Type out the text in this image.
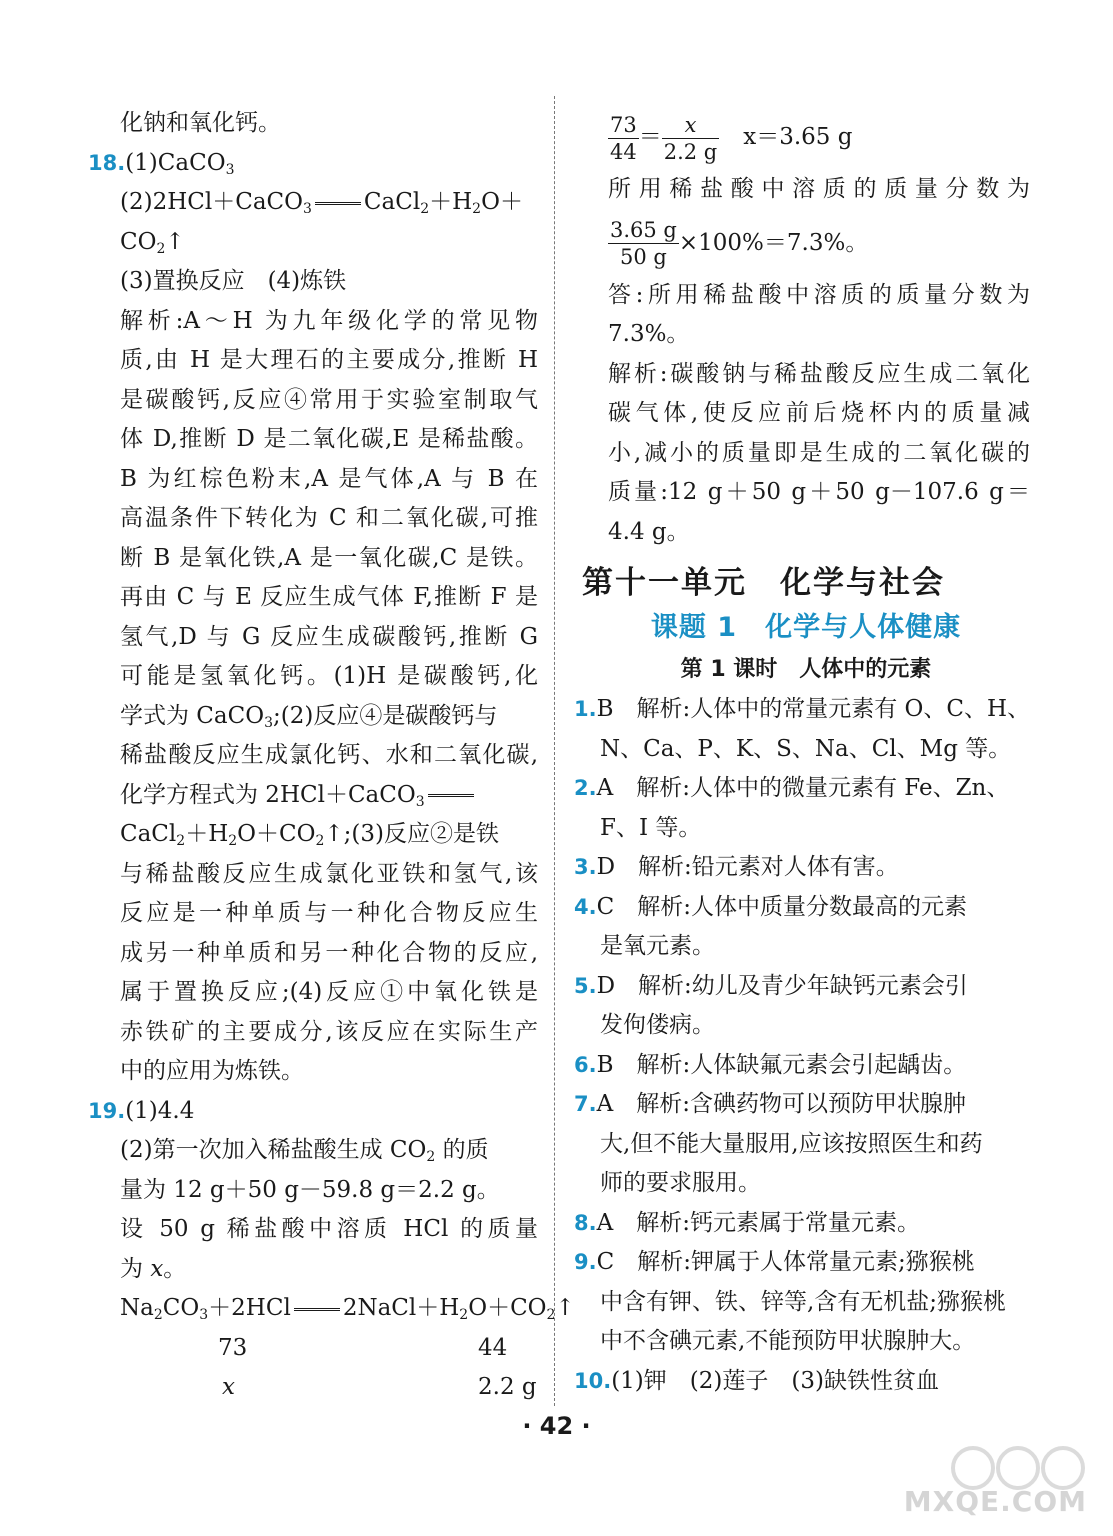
化钠和氧化钙。
18.(1)CaCO3
(2)2HCl＋CaCO3 CaCl2＋H2O＋
CO2↑
(3)置换反应　(4)炼铁
解析:A～H 为九年级化学的常见物
质,由 H 是大理石的主要成分,推断 H
是碳酸钙,反应④常用于实验室制取气
体 D,推断 D 是二氧化碳,E 是稀盐酸。
B 为红棕色粉末,A 是气体,A 与 B 在
高温条件下转化为 C 和二氧化碳,可推
断 B 是氧化铁,A 是一氧化碳,C 是铁。
再由 C 与 E 反应生成气体 F,推断 F 是
氢气,D 与 G 反应生成碳酸钙,推断 G
可能是氢氧化钙。(1)H 是碳酸钙,化
学式为 CaCO3;(2)反应④是碳酸钙与
稀盐酸反应生成氯化钙、水和二氧化碳,
化学方程式为 2HCl＋CaCO3
CaCl2＋H2O＋CO2↑;(3)反应②是铁
与稀盐酸反应生成氯化亚铁和氢气,该
反应是一种单质与一种化合物反应生
成另一种单质和另一种化合物的反应,
属于置换反应;(4)反应①中氧化铁是
赤铁矿的主要成分,该反应在实际生产
中的应用为炼铁。
19.(1)4.4
(2)第一次加入稀盐酸生成 CO2 的质
量为 12 g＋50 g－59.8 g＝2.2 g。
设 50 g 稀盐酸中溶质 HCl 的质量
为 x。
Na2CO3＋2HCl 2NaCl＋H2O＋CO2↑
73	44
x	2.2 g
$\frac{73}{44} = \frac{x}{2.2 g} x=3.65$ g
所用稀盐酸中溶质的质量分数为
$\frac{3.65 g}{50 g} \times 100\%=7.3\%$。
答:所用稀盐酸中溶质的质量分数为
7.3%。
解析:碳酸钠与稀盐酸反应生成二氧化
碳气体,使反应前后烧杯内的质量减
小,减小的质量即是生成的二氧化碳的
质量:12 g＋50 g＋50 g－107.6 g＝
4.4 g。
第十一单元　化学与社会
课题 1　化学与人体健康
第 1 课时　人体中的元素
1.B　解析:人体中的常量元素有 O、C、H、
N、Ca、P、K、S、Na、Cl、Mg 等。
2.A　解析:人体中的微量元素有 Fe、Zn、
F、I 等。
3.D　解析:铅元素对人体有害。
4.C　解析:人体中质量分数最高的元素
是氧元素。
5.D　解析:幼儿及青少年缺钙元素会引
发佝偻病。
6.B　解析:人体缺氟元素会引起龋齿。
7.A　解析:含碘药物可以预防甲状腺肿
大,但不能大量服用,应该按照医生和药
师的要求服用。
8.A　解析:钙元素属于常量元素。
9.C　解析:钾属于人体常量元素;猕猴桃
中含有钾、铁、锌等,含有无机盐;猕猴桃
中不含碘元素,不能预防甲状腺肿大。
10.(1)钾　(2)莲子　(3)缺铁性贫血
· 42 ·
MXQE.COM
